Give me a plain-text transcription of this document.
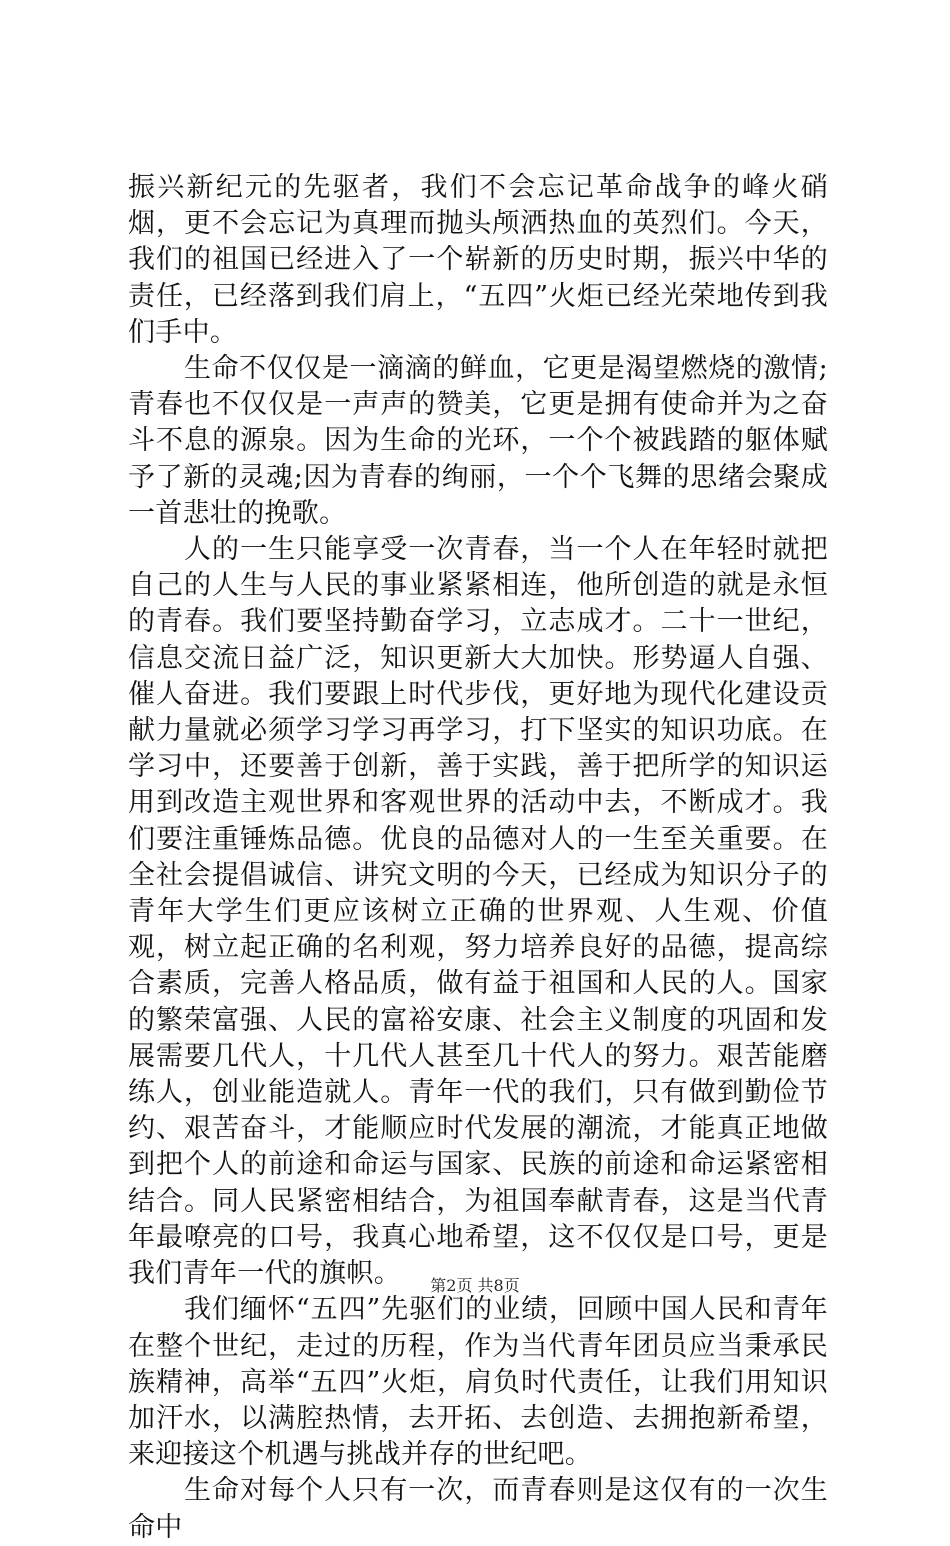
振兴新纪元的先驱者，我们不会忘记革命战争的峰火硝烟，更不会忘记为真理而抛头颅洒热血的英烈们。今天，我们的祖国已经进入了一个崭新的历史时期，振兴中华的责任，已经落到我们肩上，“五四”火炬已经光荣地传到我们手中。

生命不仅仅是一滴滴的鲜血，它更是渴望燃烧的激情;青春也不仅仅是一声声的赞美，它更是拥有使命并为之奋斗不息的源泉。因为生命的光环，一个个被践踏的躯体赋予了新的灵魂;因为青春的绚丽，一个个飞舞的思绪会聚成一首悲壮的挽歌。

人的一生只能享受一次青春，当一个人在年轻时就把自己的人生与人民的事业紧紧相连，他所创造的就是永恒的青春。我们要坚持勤奋学习，立志成才。二十一世纪，信息交流日益广泛，知识更新大大加快。形势逼人自强、催人奋进。我们要跟上时代步伐，更好地为现代化建设贡献力量就必须学习学习再学习，打下坚实的知识功底。在学习中，还要善于创新，善于实践，善于把所学的知识运用到改造主观世界和客观世界的活动中去，不断成才。我们要注重锤炼品德。优良的品德对人的一生至关重要。在全社会提倡诚信、讲究文明的今天，已经成为知识分子的青年大学生们更应该树立正确的世界观、人生观、价值观，树立起正确的名利观，努力培养良好的品德，提高综合素质，完善人格品质，做有益于祖国和人民的人。国家的繁荣富强、人民的富裕安康、社会主义制度的巩固和发展需要几代人，十几代人甚至几十代人的努力。艰苦能磨练人，创业能造就人。青年一代的我们，只有做到勤俭节约、艰苦奋斗，才能顺应时代发展的潮流，才能真正地做到把个人的前途和命运与国家、民族的前途和命运紧密相结合。同人民紧密相结合，为祖国奉献青春，这是当代青年最嘹亮的口号，我真心地希望，这不仅仅是口号，更是我们青年一代的旗帜。

我们缅怀“五四”先驱们的业绩，回顾中国人民和青年在整个世纪，走过的历程，作为当代青年团员应当秉承民族精神，高举“五四”火炬，肩负时代责任，让我们用知识加汗水，以满腔热情，去开拓、去创造、去拥抱新希望，来迎接这个机遇与挑战并存的世纪吧。

生命对每个人只有一次，而青春则是这仅有的一次生命中

第2页 共8页
